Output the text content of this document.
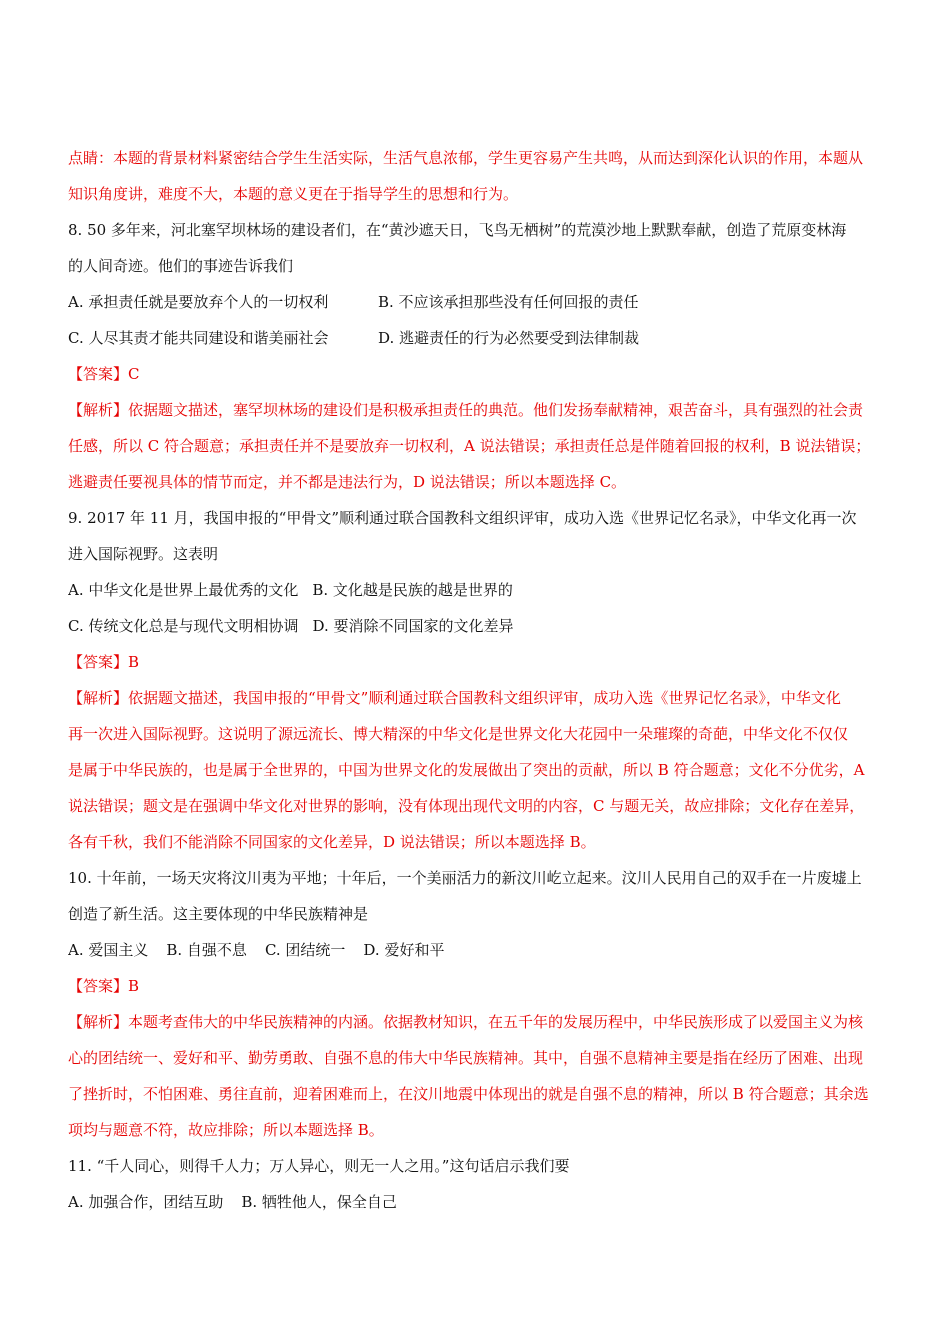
点睛：本题的背景材料紧密结合学生生活实际，生活气息浓郁，学生更容易产生共鸣，从而达到深化认识的作用，本题从
知识角度讲，难度不大，本题的意义更在于指导学生的思想和行为。
8. 50 多年来，河北塞罕坝林场的建设者们，在“黄沙遮天日，飞鸟无栖树”的荒漠沙地上默默奉献，创造了荒原变林海
的人间奇迹。他们的事迹告诉我们
A. 承担责任就是要放弃个人的一切权利	B. 不应该承担那些没有任何回报的责任
C. 人尽其责才能共同建设和谐美丽社会	D. 逃避责任的行为必然要受到法律制裁
【答案】C
【解析】依据题文描述，塞罕坝林场的建设们是积极承担责任的典范。他们发扬奉献精神，艰苦奋斗，具有强烈的社会责
任感，所以 C 符合题意；承担责任并不是要放弃一切权利，A 说法错误；承担责任总是伴随着回报的权利，B 说法错误；
逃避责任要视具体的情节而定，并不都是违法行为，D 说法错误；所以本题选择 C。
9. 2017 年 11 月，我国申报的“甲骨文”顺利通过联合国教科文组织评审，成功入选《世界记忆名录》，中华文化再一次
进入国际视野。这表明
A. 中华文化是世界上最优秀的文化 B. 文化越是民族的越是世界的
C. 传统文化总是与现代文明相协调 D. 要消除不同国家的文化差异
【答案】B
【解析】依据题文描述，我国申报的“甲骨文”顺利通过联合国教科文组织评审，成功入选《世界记忆名录》，中华文化
再一次进入国际视野。这说明了源远流长、博大精深的中华文化是世界文化大花园中一朵璀璨的奇葩，中华文化不仅仅
是属于中华民族的，也是属于全世界的，中国为世界文化的发展做出了突出的贡献，所以 B 符合题意；文化不分优劣，A
说法错误；题文是在强调中华文化对世界的影响，没有体现出现代文明的内容，C 与题无关，故应排除；文化存在差异，
各有千秋，我们不能消除不同国家的文化差异，D 说法错误；所以本题选择 B。
10. 十年前，一场天灾将汶川夷为平地；十年后，一个美丽活力的新汶川屹立起来。汶川人民用自己的双手在一片废墟上
创造了新生活。这主要体现的中华民族精神是
A. 爱国主义 B. 自强不息 C. 团结统一 D. 爱好和平
【答案】B
【解析】本题考查伟大的中华民族精神的内涵。依据教材知识，在五千年的发展历程中，中华民族形成了以爱国主义为核
心的团结统一、爱好和平、勤劳勇敢、自强不息的伟大中华民族精神。其中，自强不息精神主要是指在经历了困难、出现
了挫折时，不怕困难、勇往直前，迎着困难而上，在汶川地震中体现出的就是自强不息的精神，所以 B 符合题意；其余选
项均与题意不符，故应排除；所以本题选择 B。
11. “千人同心，则得千人力；万人异心，则无一人之用。”这句话启示我们要
A. 加强合作，团结互助 B. 牺牲他人，保全自己
